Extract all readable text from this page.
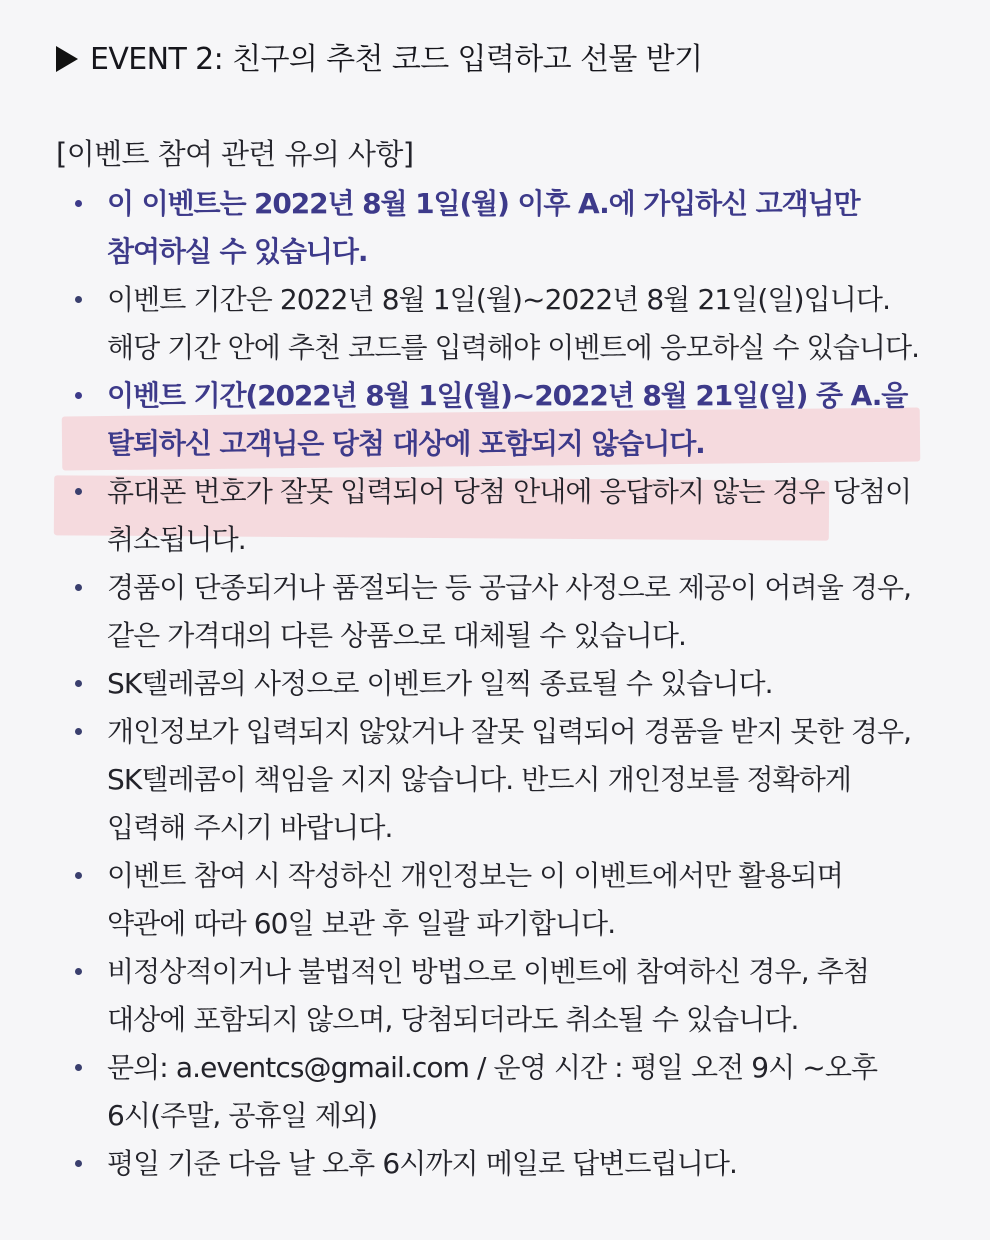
EVENT 2: 친구의 추천 코드 입력하고 선물 받기
[이벤트 참여 관련 유의 사항]
이 이벤트는 2022년 8월 1일(월) 이후 A.에 가입하신 고객님만 참여하실 수 있습니다.
이벤트 기간은 2022년 8월 1일(월)~2022년 8월 21일(일)입니다. 해당 기간 안에 추천 코드를 입력해야 이벤트에 응모하실 수 있습니다.
이벤트 기간(2022년 8월 1일(월)~2022년 8월 21일(일) 중 A.을 탈퇴하신 고객님은 당첨 대상에 포함되지 않습니다.
휴대폰 번호가 잘못 입력되어 당첨 안내에 응답하지 않는 경우 당첨이 취소됩니다.
경품이 단종되거나 품절되는 등 공급사 사정으로 제공이 어려울 경우, 같은 가격대의 다른 상품으로 대체될 수 있습니다.
SK텔레콤의 사정으로 이벤트가 일찍 종료될 수 있습니다.
개인정보가 입력되지 않았거나 잘못 입력되어 경품을 받지 못한 경우, SK텔레콤이 책임을 지지 않습니다. 반드시 개인정보를 정확하게 입력해 주시기 바랍니다.
이벤트 참여 시 작성하신 개인정보는 이 이벤트에서만 활용되며 약관에 따라 60일 보관 후 일괄 파기합니다.
비정상적이거나 불법적인 방법으로 이벤트에 참여하신 경우, 추첨 대상에 포함되지 않으며, 당첨되더라도 취소될 수 있습니다.
문의: a.eventcs@gmail.com / 운영 시간 : 평일 오전 9시 ~오후 6시(주말, 공휴일 제외)
평일 기준 다음 날 오후 6시까지 메일로 답변드립니다.
